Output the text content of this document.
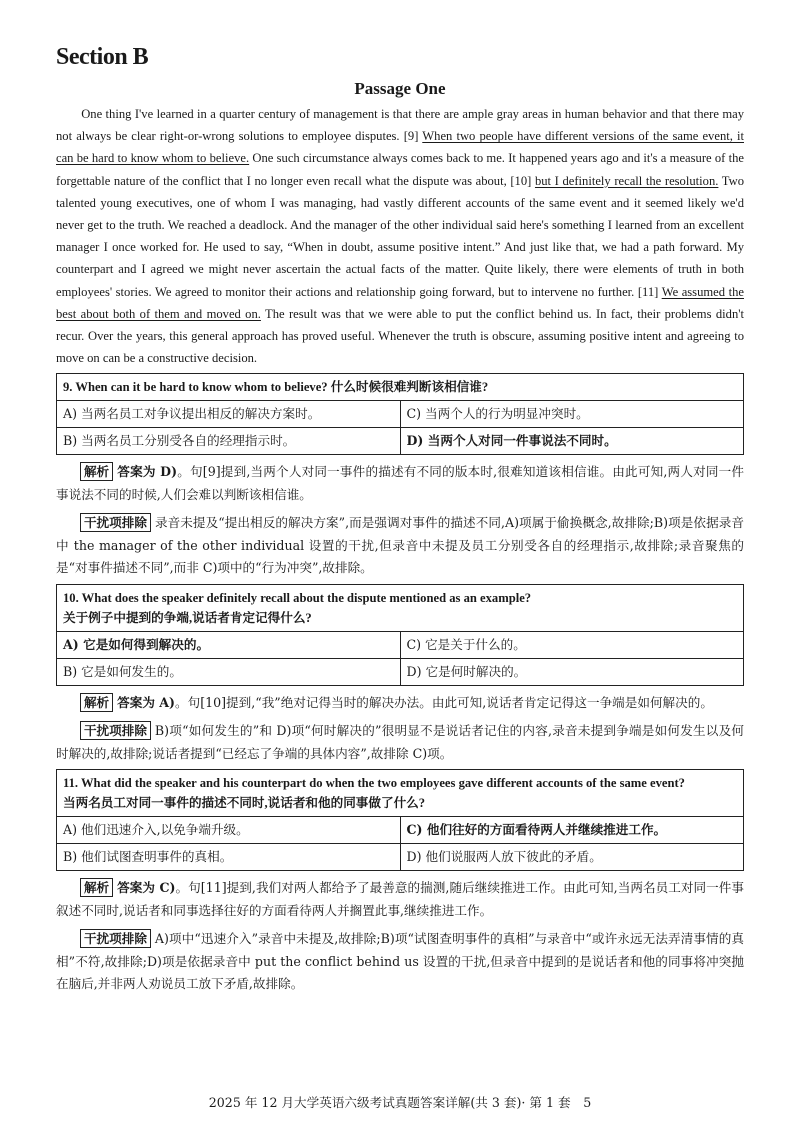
Section B
Passage One

One thing I've learned in a quarter century of management is that there are ample gray areas in human behavior and that there may not always be clear right-or-wrong solutions to employee disputes. [9] When two people have different versions of the same event, it can be hard to know whom to believe. One such circumstance always comes back to me. It happened years ago and it's a measure of the forgettable nature of the conflict that I no longer even recall what the dispute was about, [10] but I definitely recall the resolution. Two talented young executives, one of whom I was managing, had vastly different accounts of the same event and it seemed likely we'd never get to the truth. We reached a deadlock. And the manager of the other individual said here's something I learned from an excellent manager I once worked for. He used to say, “When in doubt, assume positive intent.” And just like that, we had a path forward. My counterpart and I agreed we might never ascertain the actual facts of the matter. Quite likely, there were elements of truth in both employees' stories. We agreed to monitor their actions and relationship going forward, but to intervene no further. [11] We assumed the best about both of them and moved on. The result was that we were able to put the conflict behind us. In fact, their problems didn't recur. Over the years, this general approach has proved useful. Whenever the truth is obscure, assuming positive intent and agreeing to move on can be a constructive decision.

9. When can it be hard to know whom to believe? 什么时候很难判断该相信谁?	
A) 当两名员工对争议提出相反的解决方案时。	C) 当两个人的行为明显冲突时。
B) 当两名员工分别受各自的经理指示时。	D) 当两个人对同一件事说法不同时。

解析 答案为 D)。句[9]提到,当两个人对同一事件的描述有不同的版本时,很难知道该相信谁。由此可知,两人对同一件事说法不同的时候,人们会难以判断该相信谁。

干扰项排除 录音未提及“提出相反的解决方案”,而是强调对事件的描述不同,A)项属于偷换概念,故排除;B)项是依据录音中 the manager of the other individual 设置的干扰,但录音中未提及员工分别受各自的经理指示,故排除;录音聚焦的是“对事件描述不同”,而非 C)项中的“行为冲突”,故排除。

10. What does the speaker definitely recall about the dispute mentioned as an example?
关于例子中提到的争端,说话者肯定记得什么?	

A) 它是如何得到解决的。	C) 它是关于什么的。
B) 它是如何发生的。	D) 它是何时解决的。

解析 答案为 A)。句[10]提到,“我”绝对记得当时的解决办法。由此可知,说话者肯定记得这一争端是如何解决的。

干扰项排除 B)项“如何发生的”和 D)项“何时解决的”很明显不是说话者记住的内容,录音未提到争端是如何发生以及何时解决的,故排除;说话者提到“已经忘了争端的具体内容”,故排除 C)项。

11. What did the speaker and his counterpart do when the two employees gave different accounts of the same event?
当两名员工对同一事件的描述不同时,说话者和他的同事做了什么?	

A) 他们迅速介入,以免争端升级。	C) 他们往好的方面看待两人并继续推进工作。
B) 他们试图查明事件的真相。	D) 他们说服两人放下彼此的矛盾。

解析 答案为 C)。句[11]提到,我们对两人都给予了最善意的揣测,随后继续推进工作。由此可知,当两名员工对同一件事叙述不同时,说话者和同事选择往好的方面看待两人并搁置此事,继续推进工作。

干扰项排除 A)项中“迅速介入”录音中未提及,故排除;B)项“试图查明事件的真相”与录音中“或许永远无法弄清事情的真相”不符,故排除;D)项是依据录音中 put the conflict behind us 设置的干扰,但录音中提到的是说话者和他的同事将冲突抛在脑后,并非两人劝说员工放下矛盾,故排除。

2025 年 12 月大学英语六级考试真题答案详解(共 3 套)· 第 1 套　5
